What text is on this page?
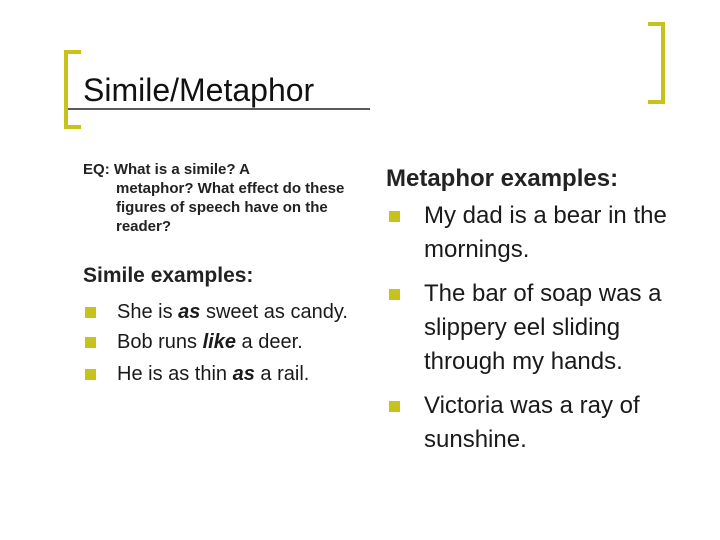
Simile/Metaphor
EQ: What is a simile? A
metaphor? What effect do these figures of speech have on the reader?
Simile examples:
She is as sweet as candy.
Bob runs like a deer.
He is as thin as a rail.
Metaphor examples:
My dad is a bear in the mornings.
The bar of soap was a slippery eel sliding through my hands.
Victoria was a ray of sunshine.
